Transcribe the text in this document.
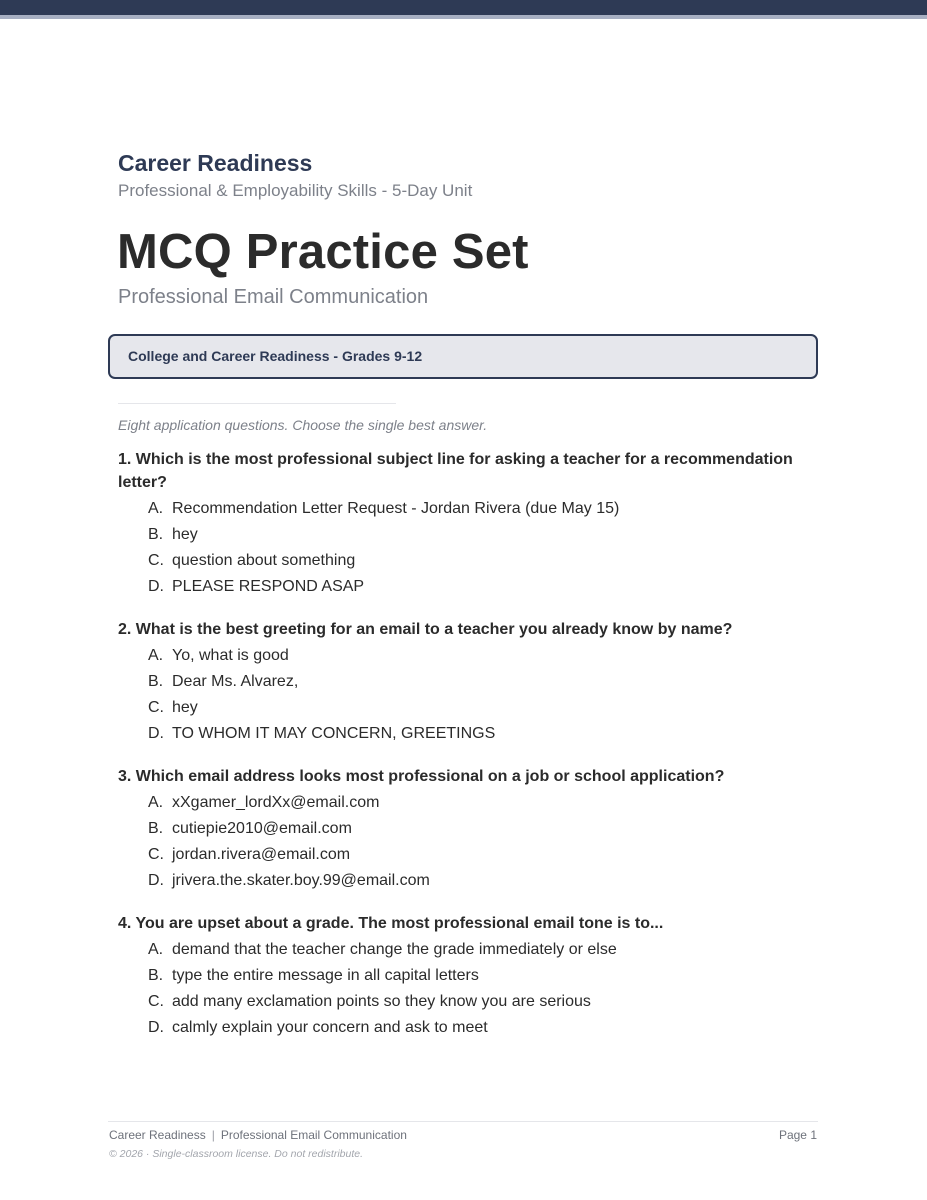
Career Readiness
Professional & Employability Skills - 5-Day Unit
MCQ Practice Set
Professional Email Communication
College and Career Readiness - Grades 9-12
Eight application questions. Choose the single best answer.
1. Which is the most professional subject line for asking a teacher for a recommendation letter?
A. Recommendation Letter Request - Jordan Rivera (due May 15)
B. hey
C. question about something
D. PLEASE RESPOND ASAP
2. What is the best greeting for an email to a teacher you already know by name?
A. Yo, what is good
B. Dear Ms. Alvarez,
C. hey
D. TO WHOM IT MAY CONCERN, GREETINGS
3. Which email address looks most professional on a job or school application?
A. xXgamer_lordXx@email.com
B. cutiepie2010@email.com
C. jordan.rivera@email.com
D. jrivera.the.skater.boy.99@email.com
4. You are upset about a grade. The most professional email tone is to...
A. demand that the teacher change the grade immediately or else
B. type the entire message in all capital letters
C. add many exclamation points so they know you are serious
D. calmly explain your concern and ask to meet
Career Readiness | Professional Email Communication	Page 1
© 2026 · Single-classroom license. Do not redistribute.
